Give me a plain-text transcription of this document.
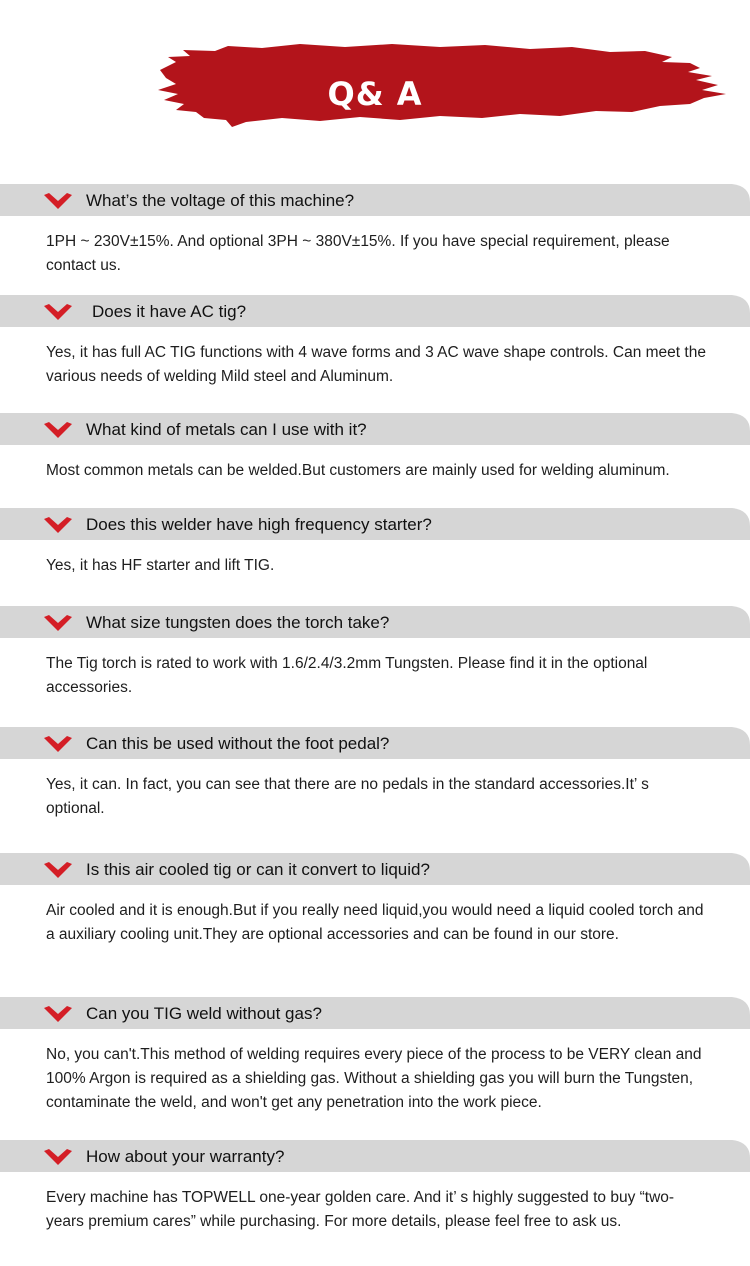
Q& A
What’s the voltage of this machine?
1PH ~ 230V±15%. And optional 3PH ~ 380V±15%. If you have special requirement, please contact us.
Does it have AC tig?
Yes, it has full AC TIG functions with 4 wave forms and 3 AC wave shape controls. Can meet the various needs of welding Mild steel and Aluminum.
What kind of metals can I use with it?
Most common metals can be welded.But customers are mainly used for welding aluminum.
Does this welder have high frequency starter?
Yes, it has HF starter and lift TIG.
What size tungsten does the torch take?
The Tig torch is rated to work with 1.6/2.4/3.2mm Tungsten. Please find it in the optional accessories.
Can this be used without the foot pedal?
Yes, it can. In fact, you can see that there are no pedals in the standard accessories.It’ s optional.
Is this air cooled tig or can it convert to liquid?
Air cooled and it is enough.But if you really need liquid,you would need a liquid cooled torch and a auxiliary cooling unit.They are optional accessories and can be found in our store.
Can you TIG weld without gas?
No, you can't.This method of welding requires every piece of the process to be VERY clean and 100% Argon is required as a shielding gas. Without a shielding gas you will burn the Tungsten, contaminate the weld, and won't get any penetration into the work piece.
How about your warranty?
Every machine has TOPWELL one-year golden care. And it’ s highly suggested to buy “two-years premium cares” while purchasing. For more details, please feel free to ask us.
